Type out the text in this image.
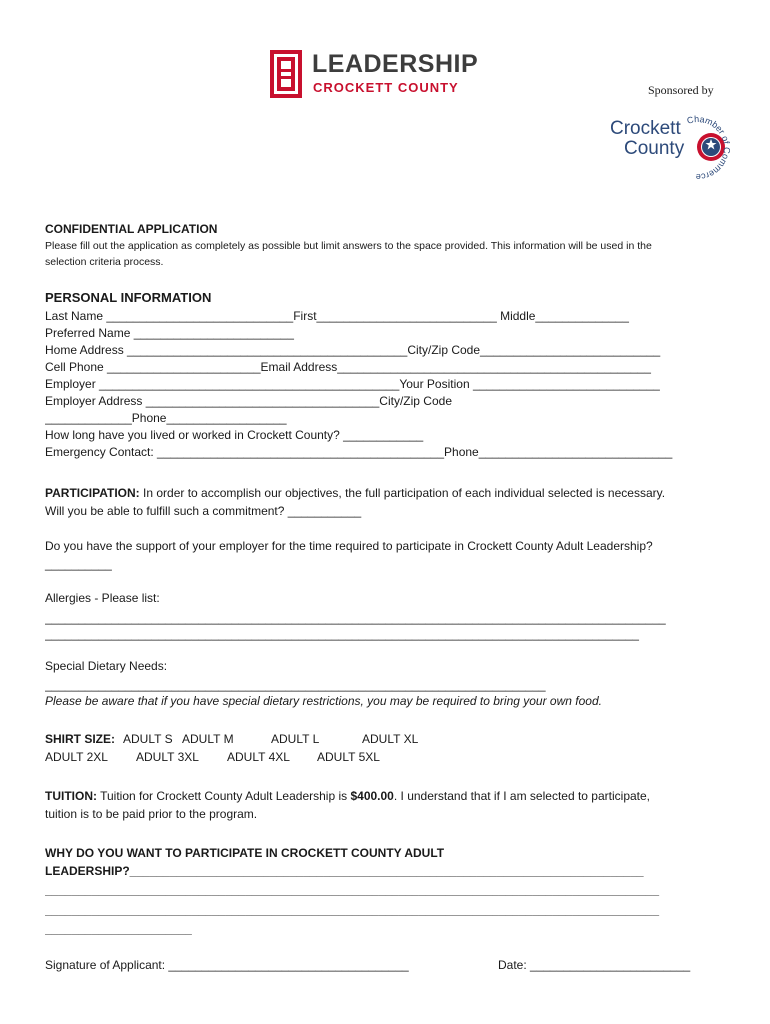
LEADERSHIP
CROCKETT COUNTY	Sponsored by
Crockett
County
Chamber of Commerce
CONFIDENTIAL APPLICATION
Please fill out the application as completely as possible but limit answers to the space provided. This information will be used in the
selection criteria process.
PERSONAL INFORMATION
Last Name ____________________________First___________________________ Middle______________
Preferred Name ________________________
Home Address __________________________________________City/Zip Code___________________________
Cell Phone _______________________Email Address_______________________________________________
Employer _____________________________________________Your Position ____________________________
Employer Address ___________________________________City/Zip Code
_____________Phone__________________
How long have you lived or worked in Crockett County? ____________
Emergency Contact: ___________________________________________Phone_____________________________
PARTICIPATION: In order to accomplish our objectives, the full participation of each individual selected is necessary.
Will you be able to fulfill such a commitment? ___________
Do you have the support of your employer for the time required to participate in Crockett County Adult Leadership?
__________
Allergies - Please list:
_____________________________________________________________________________________________
_________________________________________________________________________________________
Special Dietary Needs:
___________________________________________________________________________
Please be aware that if you have special dietary restrictions, you may be required to bring your own food.
SHIRT SIZE: ADULT S ADULT M	ADULT L	ADULT XL
ADULT 2XL ADULT 3XL ADULT 4XL ADULT 5XL
TUITION: Tuition for Crockett County Adult Leadership is $400.00. I understand that if I am selected to participate,
tuition is to be paid prior to the program.
WHY DO YOU WANT TO PARTICIPATE IN CROCKETT COUNTY ADULT
LEADERSHIP?_____________________________________________________________________________
____________________________________________________________________________________________
____________________________________________________________________________________________
______________________
Signature of Applicant: ____________________________________	Date: ________________________
